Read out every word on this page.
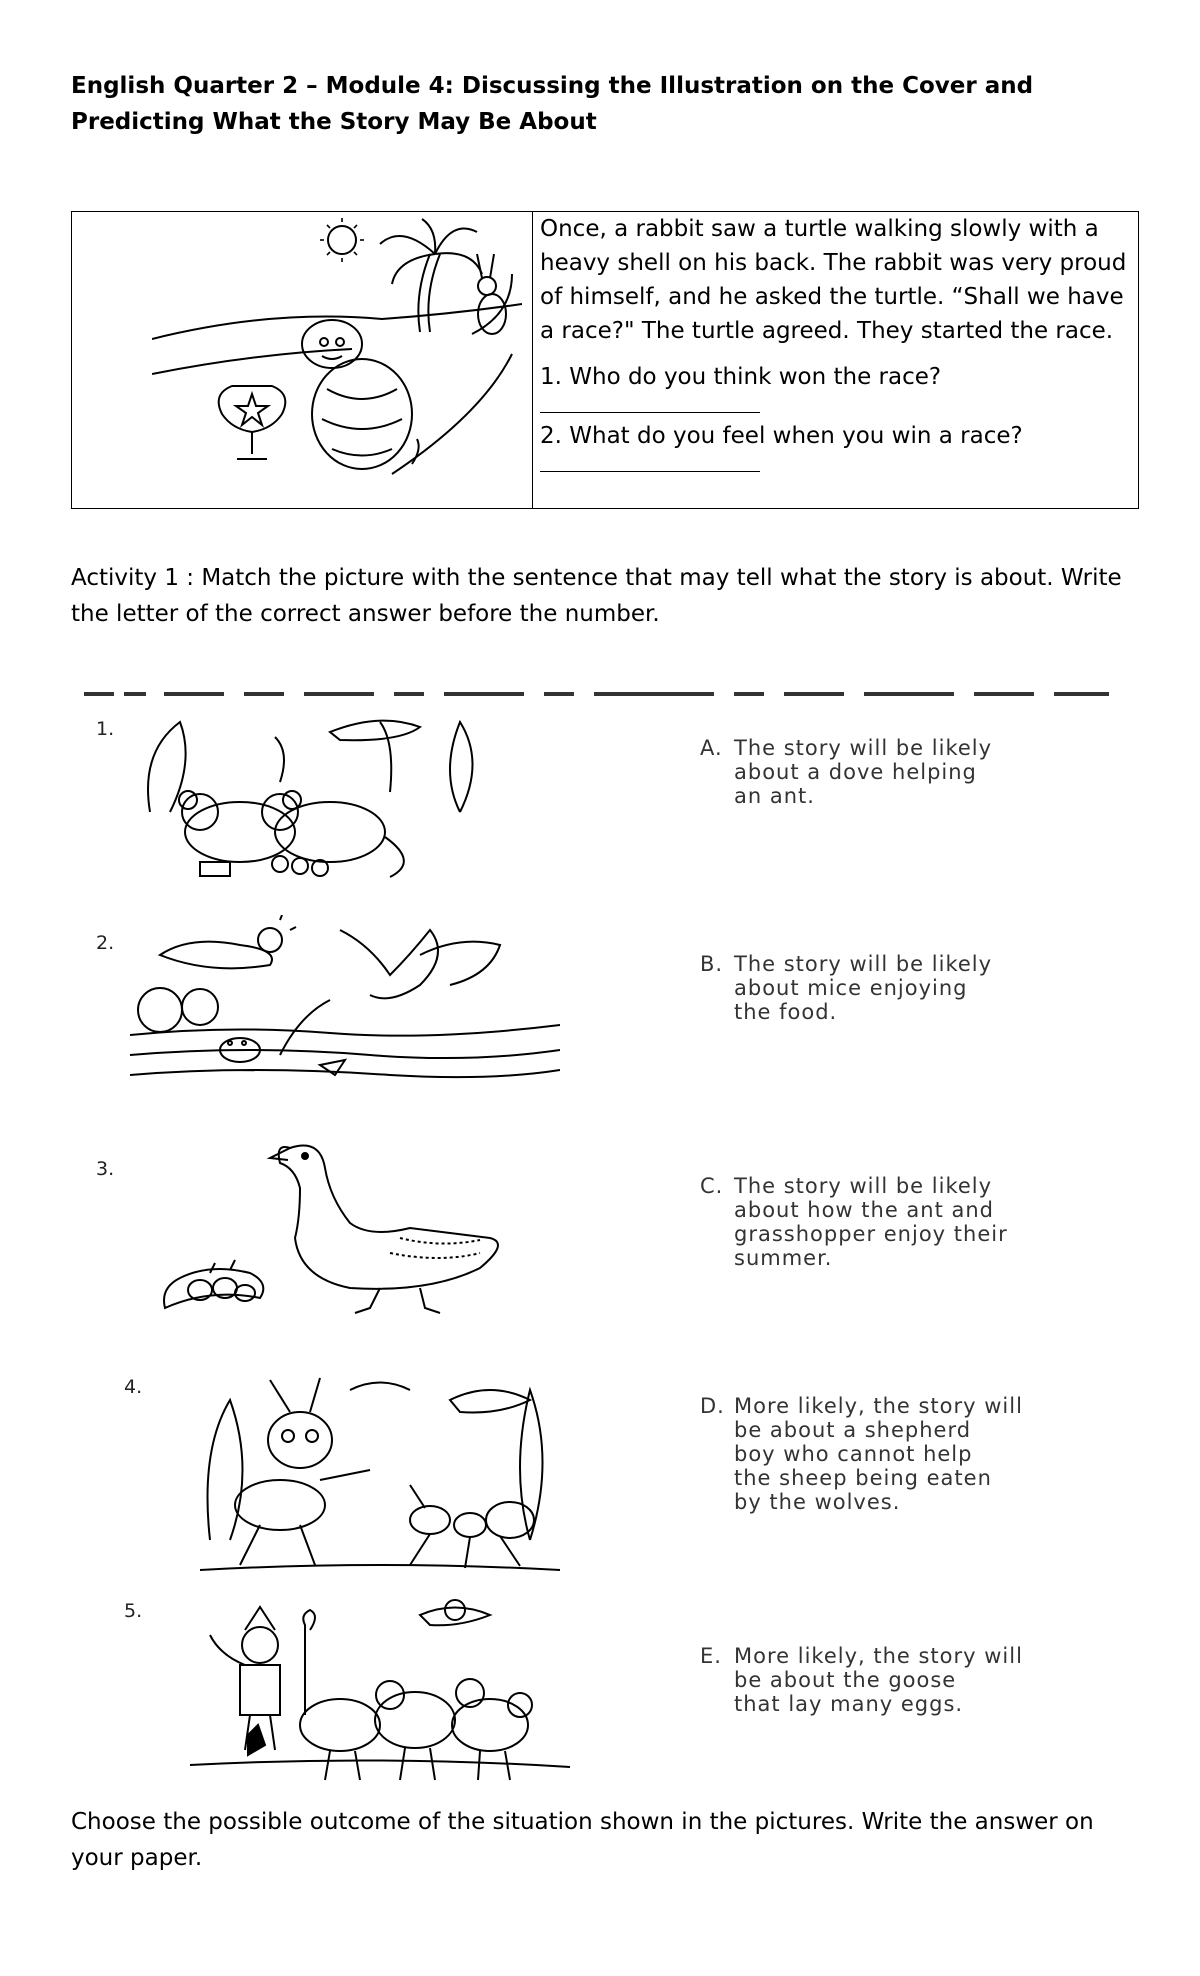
English Quarter 2 – Module 4: Discussing the Illustration on the Cover and Predicting What the Story May Be About

Once, a rabbit saw a turtle walking slowly with a heavy shell on his back. The rabbit was very proud of himself, and he asked the turtle. “Shall we have a race?" The turtle agreed. They started the race.

1. Who do you think won the race?

2. What do you feel when you win a race?

Activity 1 : Match the picture with the sentence that may tell what the story is about. Write the letter of the correct answer before the number.
1.
A. The story will be likely
about a dove helping
an ant.
2.
B. The story will be likely
about mice enjoying
the food.
3.
C. The story will be likely
about how the ant and
grasshopper enjoy their
summer.
4.
D. More likely, the story will
be about a shepherd
boy who cannot help
the sheep being eaten
by the wolves.
5.
E. More likely, the story will
be about the goose
that lay many eggs.
Choose the possible outcome of the situation shown in the pictures. Write the answer on your paper.
